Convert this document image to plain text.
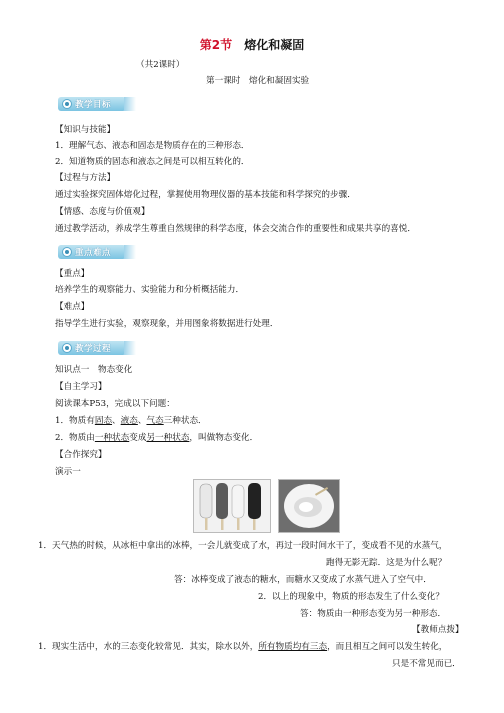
第2节 熔化和凝固
（共2课时）
第一课时　熔化和凝固实验
教学目标
【知识与技能】
1．理解气态、液态和固态是物质存在的三种形态．
2．知道物质的固态和液态之间是可以相互转化的．
【过程与方法】
通过实验探究固体熔化过程，掌握使用物理仪器的基本技能和科学探究的步骤．
【情感、态度与价值观】
通过教学活动，养成学生尊重自然规律的科学态度，体会交流合作的重要性和成果共享的喜悦．
重点难点
【重点】
培养学生的观察能力、实验能力和分析概括能力．
【难点】
指导学生进行实验，观察现象，并用图象将数据进行处理．
教学过程
知识点一　物态变化
【自主学习】
阅读课本P53，完成以下问题：
1．物质有固态、液态、气态三种状态．
2．物质由一种状态变成另一种状态，叫做物态变化．
【合作探究】
演示一
1．天气热的时候，从冰柜中拿出的冰棒，一会儿就变成了水，再过一段时间水干了，变成看不见的水蒸气，
跑得无影无踪．这是为什么呢？
答：冰棒变成了液态的糖水，而糖水又变成了水蒸气进入了空气中．
2．以上的现象中，物质的形态发生了什么变化？
答：物质由一种形态变为另一种形态．
【教师点拨】
1．现实生活中，水的三态变化较常见．其实，除水以外，所有物质均有三态，而且相互之间可以发生转化，
只是不常见而已．
